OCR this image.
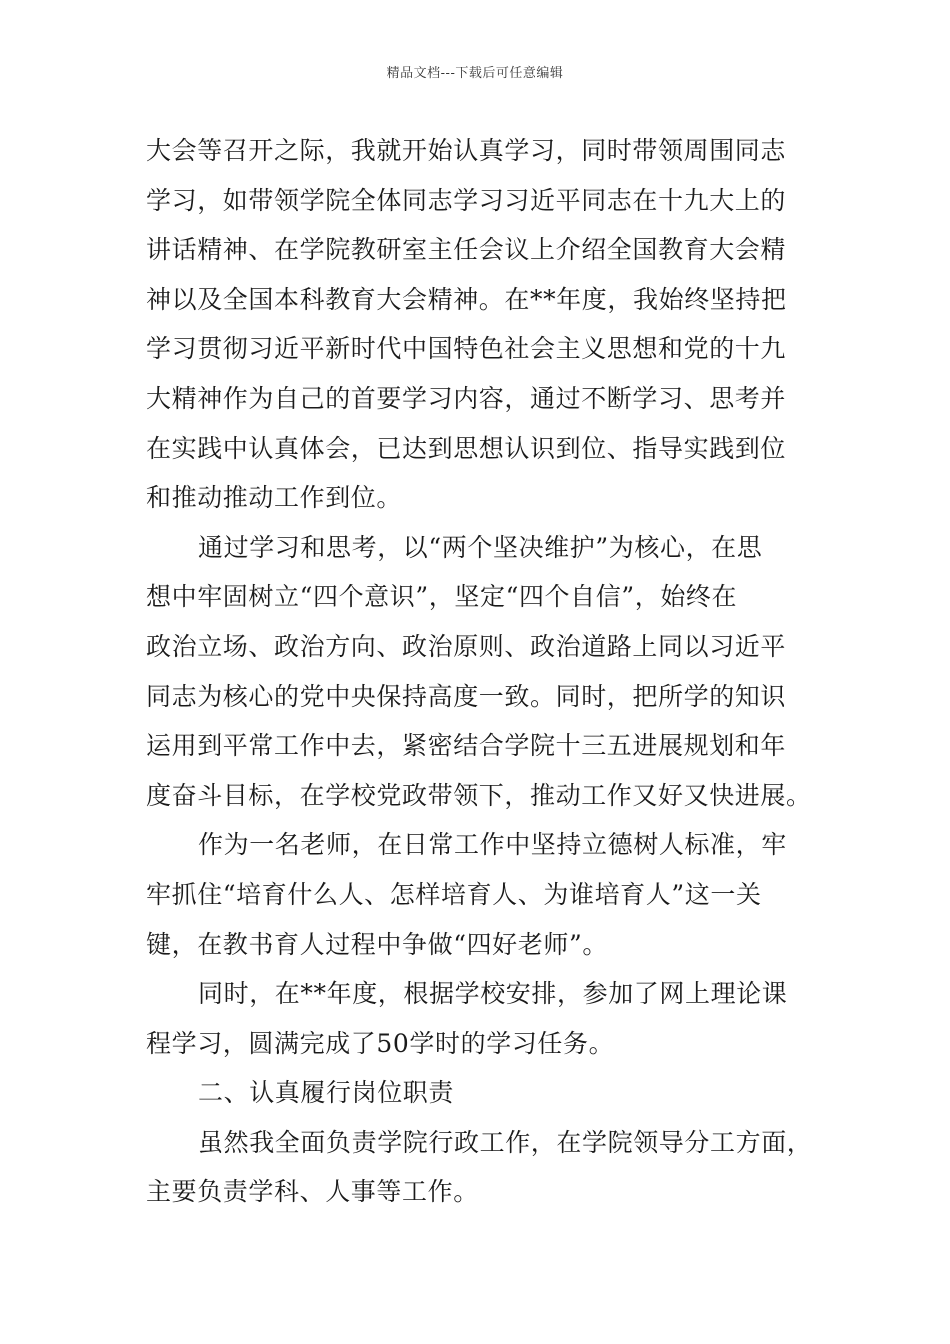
精品文档---下载后可任意编辑
大会等召开之际，我就开始认真学习，同时带领周围同志
学习，如带领学院全体同志学习习近平同志在十九大上的
讲话精神、在学院教研室主任会议上介绍全国教育大会精
神以及全国本科教育大会精神。在**年度，我始终坚持把
学习贯彻习近平新时代中国特色社会主义思想和党的十九
大精神作为自己的首要学习内容，通过不断学习、思考并
在实践中认真体会，已达到思想认识到位、指导实践到位
和推动推动工作到位。
通过学习和思考，以“两个坚决维护”为核心，在思
想中牢固树立“四个意识”，坚定“四个自信”，始终在
政治立场、政治方向、政治原则、政治道路上同以习近平
同志为核心的党中央保持高度一致。同时，把所学的知识
运用到平常工作中去，紧密结合学院十三五进展规划和年
度奋斗目标，在学校党政带领下，推动工作又好又快进展。
作为一名老师，在日常工作中坚持立德树人标准，牢
牢抓住“培育什么人、怎样培育人、为谁培育人”这一关
键，在教书育人过程中争做“四好老师”。
同时，在**年度，根据学校安排，参加了网上理论课
程学习，圆满完成了50学时的学习任务。
二、认真履行岗位职责
虽然我全面负责学院行政工作，在学院领导分工方面，
主要负责学科、人事等工作。
